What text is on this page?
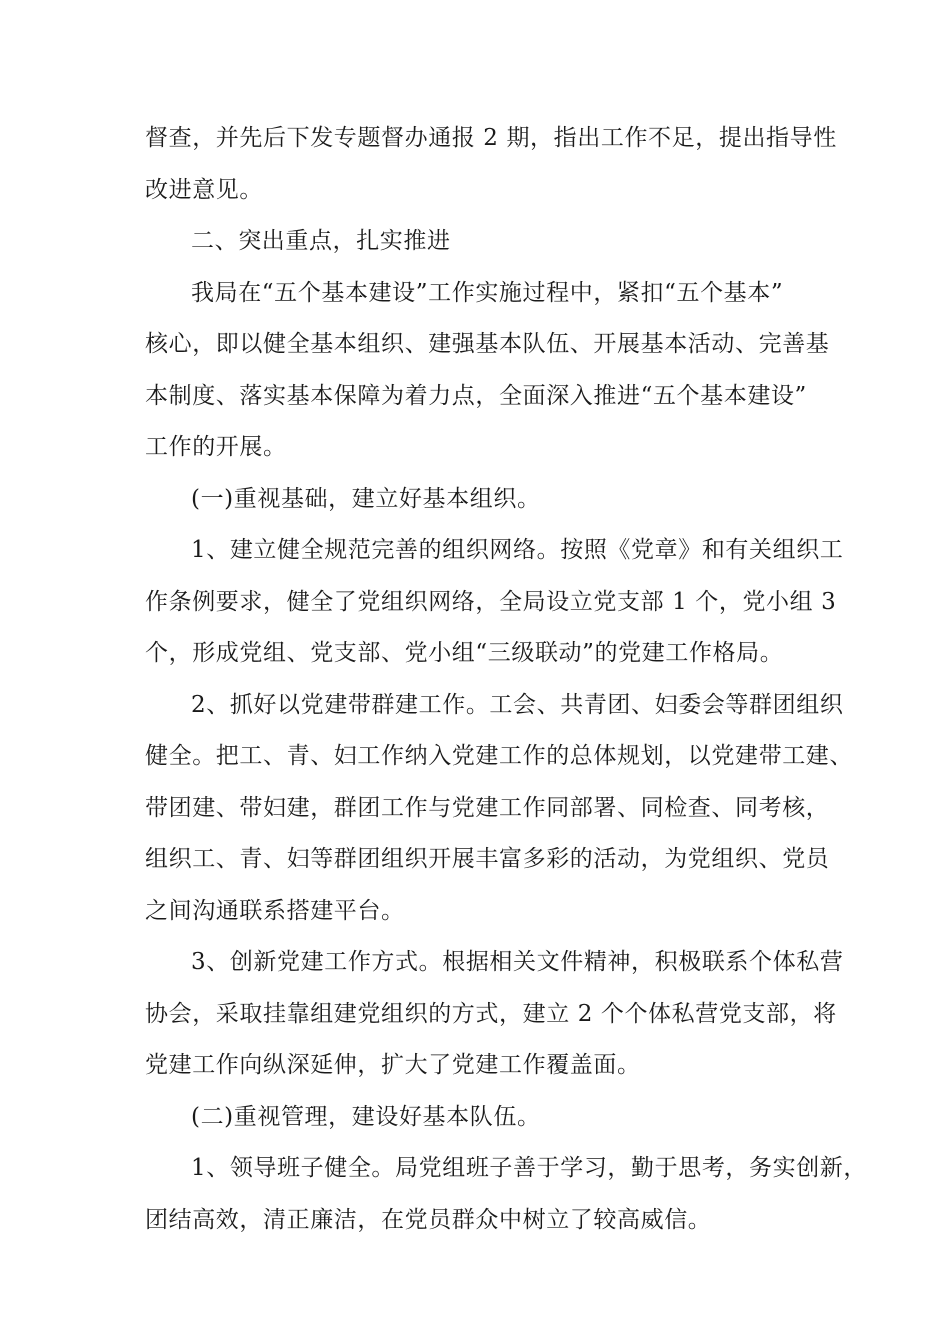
督查，并先后下发专题督办通报 2 期，指出工作不足，提出指导性
改进意见。
二、突出重点，扎实推进
我局在“五个基本建设”工作实施过程中，紧扣“五个基本”
核心，即以健全基本组织、建强基本队伍、开展基本活动、完善基
本制度、落实基本保障为着力点，全面深入推进“五个基本建设”
工作的开展。
(一)重视基础，建立好基本组织。
1、建立健全规范完善的组织网络。按照《党章》和有关组织工
作条例要求，健全了党组织网络，全局设立党支部 1 个，党小组 3
个，形成党组、党支部、党小组“三级联动”的党建工作格局。
2、抓好以党建带群建工作。工会、共青团、妇委会等群团组织
健全。把工、青、妇工作纳入党建工作的总体规划，以党建带工建、
带团建、带妇建，群团工作与党建工作同部署、同检查、同考核，
组织工、青、妇等群团组织开展丰富多彩的活动，为党组织、党员
之间沟通联系搭建平台。
3、创新党建工作方式。根据相关文件精神，积极联系个体私营
协会，采取挂靠组建党组织的方式，建立 2 个个体私营党支部，将
党建工作向纵深延伸，扩大了党建工作覆盖面。
(二)重视管理，建设好基本队伍。
1、领导班子健全。局党组班子善于学习，勤于思考，务实创新，
团结高效，清正廉洁，在党员群众中树立了较高威信。
